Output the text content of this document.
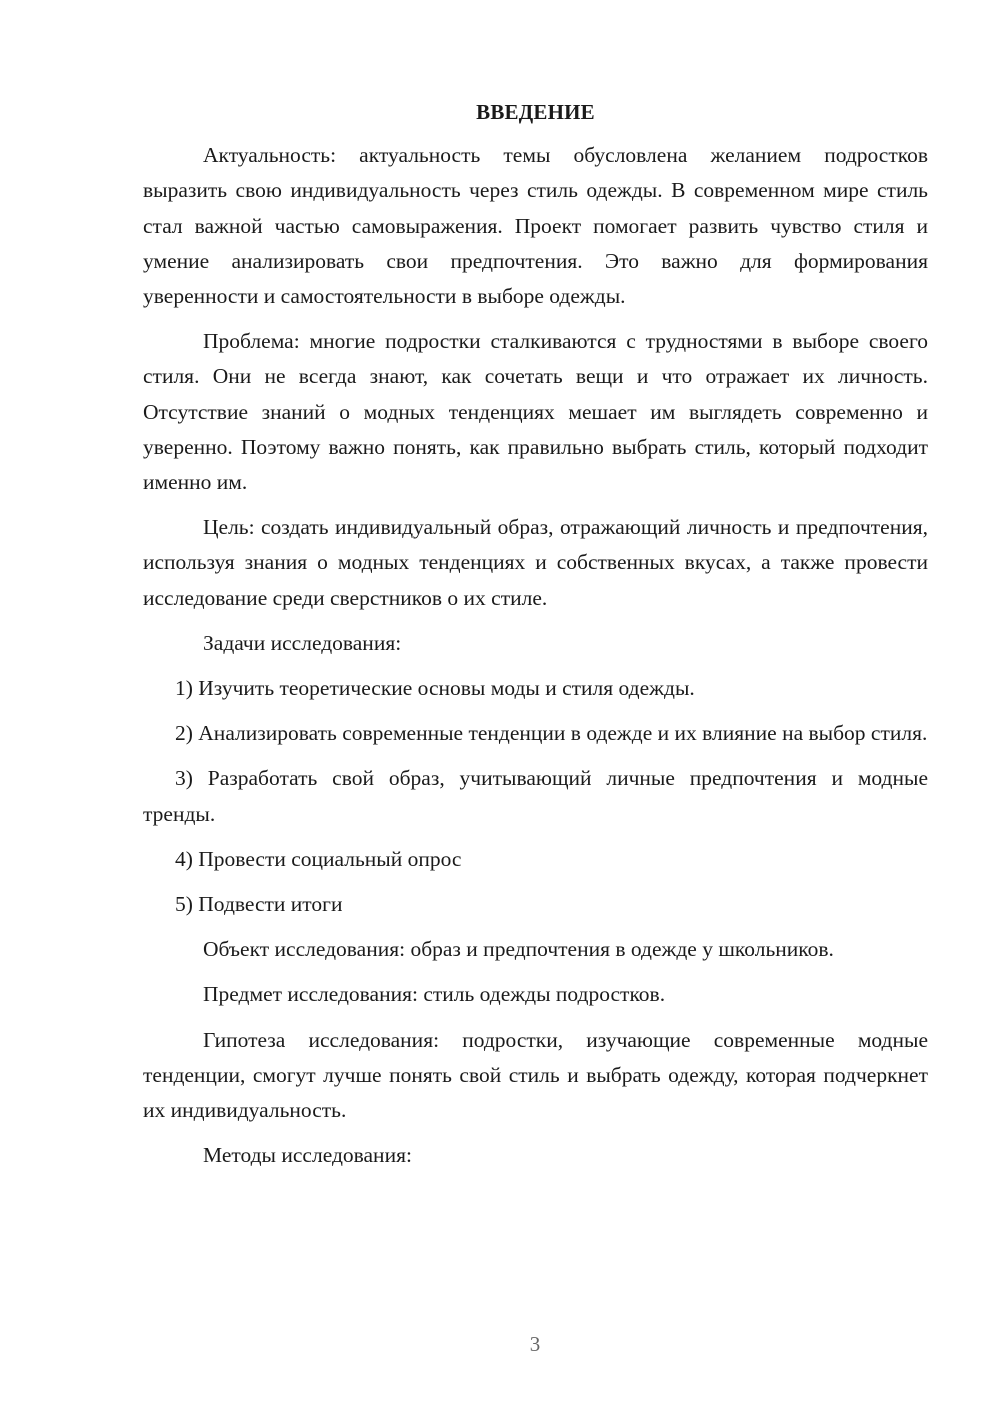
ВВЕДЕНИЕ

Актуальность: актуальность темы обусловлена желанием подростков выразить свою индивидуальность через стиль одежды. В современном мире стиль стал важной частью самовыражения. Проект помогает развить чувство стиля и умение анализировать свои предпочтения. Это важно для формирования уверенности и самостоятельности в выборе одежды.

Проблема: многие подростки сталкиваются с трудностями в выборе своего стиля. Они не всегда знают, как сочетать вещи и что отражает их личность. Отсутствие знаний о модных тенденциях мешает им выглядеть современно и уверенно. Поэтому важно понять, как правильно выбрать стиль, который подходит именно им.

Цель: создать индивидуальный образ, отражающий личность и предпочтения, используя знания о модных тенденциях и собственных вкусах, а также провести исследование среди сверстников о их стиле.

Задачи исследования:

1) Изучить теоретические основы моды и стиля одежды.

2) Анализировать современные тенденции в одежде и их влияние на выбор стиля.

3) Разработать свой образ, учитывающий личные предпочтения и модные тренды.

4) Провести социальный опрос

5) Подвести итоги

Объект исследования: образ и предпочтения в одежде у школьников.

Предмет исследования: стиль одежды подростков.

Гипотеза исследования: подростки, изучающие современные модные тенденции, смогут лучше понять свой стиль и выбрать одежду, которая подчеркнет их индивидуальность.

Методы исследования:

3
